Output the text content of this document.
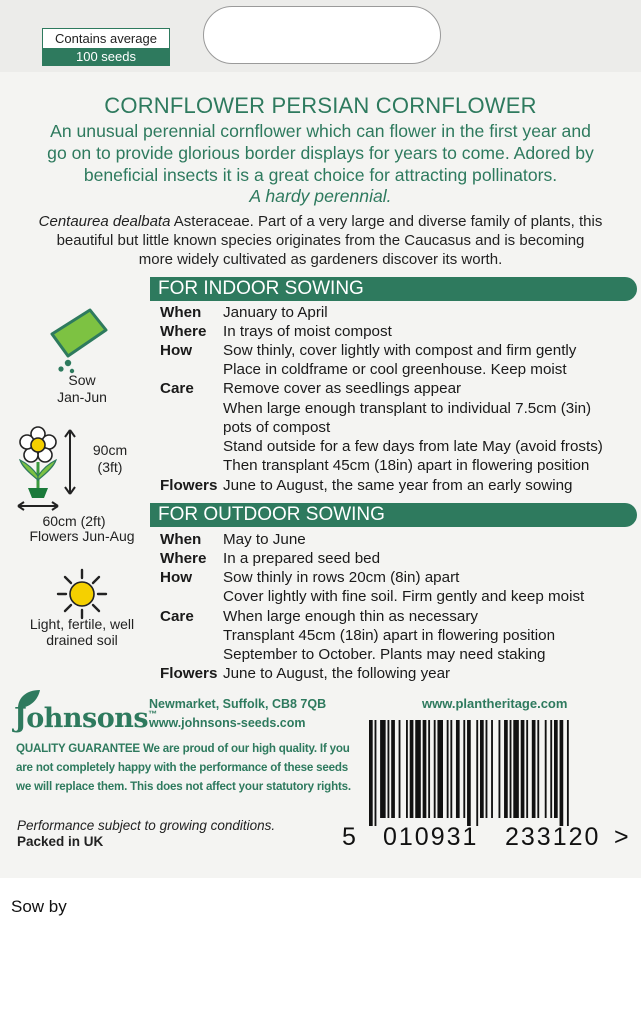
Contains average
100 seeds
CORNFLOWER PERSIAN CORNFLOWER
An unusual perennial cornflower which can flower in the first year and
go on to provide glorious border displays for years to come. Adored by
beneficial insects it is a great choice for attracting pollinators.
A hardy perennial.
Centaurea dealbata Asteraceae. Part of a very large and diverse family of plants, this
beautiful but little known species originates from the Caucasus and is becoming
more widely cultivated as gardeners discover its worth.
FOR INDOOR SOWING
When January to April
Where In trays of moist compost
How Sow thinly, cover lightly with compost and firm gently
Place in coldframe or cool greenhouse. Keep moist
Care Remove cover as seedlings appear
When large enough transplant to individual 7.5cm (3in)
pots of compost
Stand outside for a few days from late May (avoid frosts)
Then transplant 45cm (18in) apart in flowering position
Flowers June to August, the same year from an early sowing
FOR OUTDOOR SOWING
When May to June
Where In a prepared seed bed
How Sow thinly in rows 20cm (8in) apart
Cover lightly with fine soil. Firm gently and keep moist
Care When large enough thin as necessary
Transplant 45cm (18in) apart in flowering position
September to October. Plants may need staking
Flowers June to August, the following year
Sow
Jan-Jun
90cm
(3ft)
60cm (2ft)
Flowers Jun-Aug
Light, fertile, well
drained soil
Johnsons™
Newmarket, Suffolk, CB8 7QB
www.johnsons-seeds.com
www.plantheritage.com
QUALITY GUARANTEE We are proud of our high quality. If you
are not completely happy with the performance of these seeds
we will replace them. This does not affect your statutory rights.
Performance subject to growing conditions.
Packed in UK	5 010931 233120 >
Sow by
